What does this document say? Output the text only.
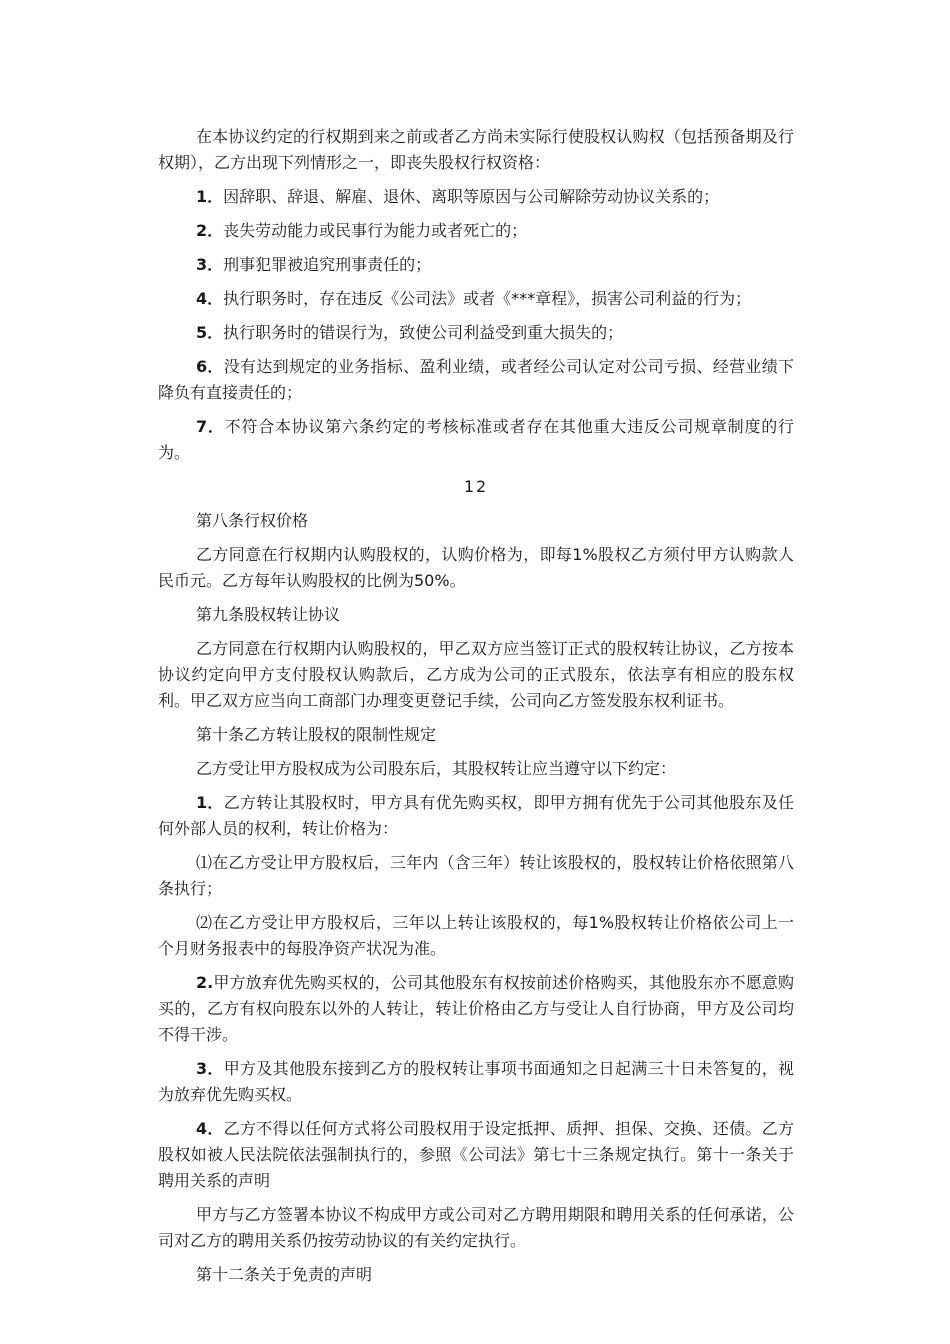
在本协议约定的行权期到来之前或者乙方尚未实际行使股权认购权（包括预备期及行权期），乙方出现下列情形之一，即丧失股权行权资格：

1．因辞职、辞退、解雇、退休、离职等原因与公司解除劳动协议关系的；

2．丧失劳动能力或民事行为能力或者死亡的；

3．刑事犯罪被追究刑事责任的；

4．执行职务时，存在违反《公司法》或者《***章程》，损害公司利益的行为；

5．执行职务时的错误行为，致使公司利益受到重大损失的；

6．没有达到规定的业务指标、盈利业绩，或者经公司认定对公司亏损、经营业绩下降负有直接责任的；

7．不符合本协议第六条约定的考核标准或者存在其他重大违反公司规章制度的行为。

12

第八条行权价格

乙方同意在行权期内认购股权的，认购价格为，即每1%股权乙方须付甲方认购款人民币元。乙方每年认购股权的比例为50%。

第九条股权转让协议

乙方同意在行权期内认购股权的，甲乙双方应当签订正式的股权转让协议，乙方按本协议约定向甲方支付股权认购款后，乙方成为公司的正式股东，依法享有相应的股东权利。甲乙双方应当向工商部门办理变更登记手续，公司向乙方签发股东权利证书。

第十条乙方转让股权的限制性规定

乙方受让甲方股权成为公司股东后，其股权转让应当遵守以下约定：

1．乙方转让其股权时，甲方具有优先购买权，即甲方拥有优先于公司其他股东及任何外部人员的权利，转让价格为：

⑴在乙方受让甲方股权后，三年内（含三年）转让该股权的，股权转让价格依照第八条执行；

⑵在乙方受让甲方股权后，三年以上转让该股权的，每1%股权转让价格依公司上一个月财务报表中的每股净资产状况为准。

2.甲方放弃优先购买权的，公司其他股东有权按前述价格购买，其他股东亦不愿意购买的，乙方有权向股东以外的人转让，转让价格由乙方与受让人自行协商，甲方及公司均不得干涉。

3．甲方及其他股东接到乙方的股权转让事项书面通知之日起满三十日未答复的，视为放弃优先购买权。

4．乙方不得以任何方式将公司股权用于设定抵押、质押、担保、交换、还债。乙方股权如被人民法院依法强制执行的，参照《公司法》第七十三条规定执行。第十一条关于聘用关系的声明

甲方与乙方签署本协议不构成甲方或公司对乙方聘用期限和聘用关系的任何承诺，公司对乙方的聘用关系仍按劳动协议的有关约定执行。

第十二条关于免责的声明
